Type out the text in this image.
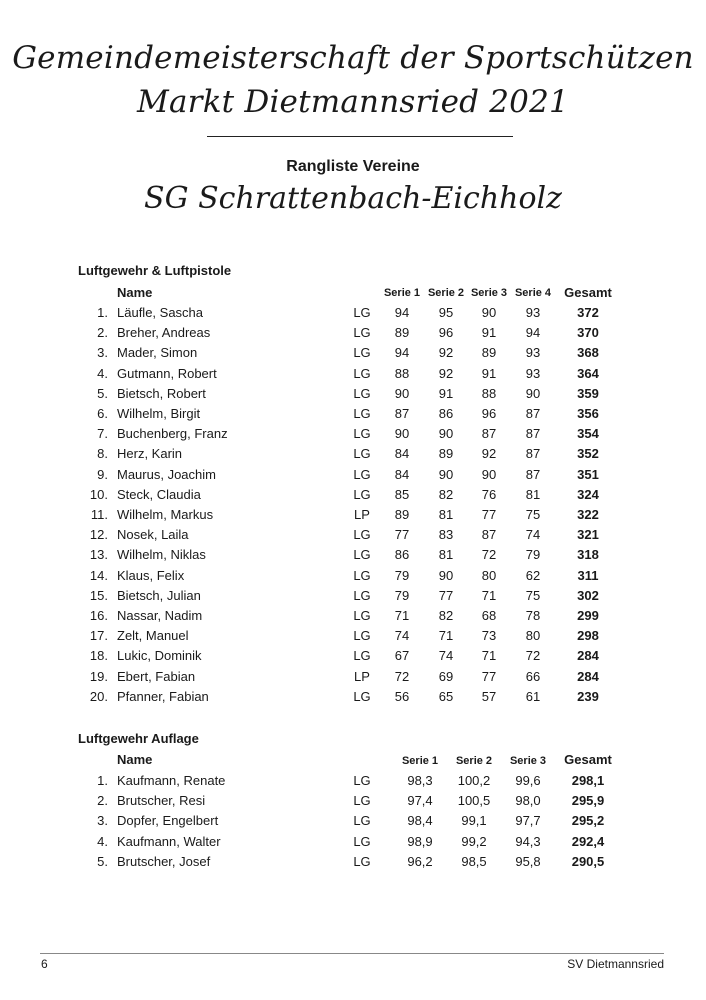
Gemeindemeisterschaft der Sportschützen
Markt Dietmannsried 2021
Rangliste Vereine
SG Schrattenbach-Eichholz
Luftgewehr & Luftpistole
Name	Serie 1 Serie 2 Serie 3 Serie 4	Gesamt
1. Läufle, Sascha	LG	94	95	90	93	372
2. Breher, Andreas	LG	89	96	91	94	370
3. Mader, Simon	LG	94	92	89	93	368
4. Gutmann, Robert	LG	88	92	91	93	364
5. Bietsch, Robert	LG	90	91	88	90	359
6. Wilhelm, Birgit	LG	87	86	96	87	356
7. Buchenberg, Franz	LG	90	90	87	87	354
8. Herz, Karin	LG	84	89	92	87	352
9. Maurus, Joachim	LG	84	90	90	87	351
10. Steck, Claudia	LG	85	82	76	81	324
11. Wilhelm, Markus	LP	89	81	77	75	322
12. Nosek, Laila	LG	77	83	87	74	321
13. Wilhelm, Niklas	LG	86	81	72	79	318
14. Klaus, Felix	LG	79	90	80	62	311
15. Bietsch, Julian	LG	79	77	71	75	302
16. Nassar, Nadim	LG	71	82	68	78	299
17. Zelt, Manuel	LG	74	71	73	80	298
18. Lukic, Dominik	LG	67	74	71	72	284
19. Ebert, Fabian	LP	72	69	77	66	284
20. Pfanner, Fabian	LG	56	65	57	61	239
Luftgewehr Auflage
Name	Serie 1	Serie 2	Serie 3	Gesamt
1. Kaufmann, Renate	LG	98,3	100,2	99,6	298,1
2. Brutscher, Resi	LG	97,4	100,5	98,0	295,9
3. Dopfer, Engelbert	LG	98,4	99,1	97,7	295,2
4. Kaufmann, Walter	LG	98,9	99,2	94,3	292,4
5. Brutscher, Josef	LG	96,2	98,5	95,8	290,5
6	SV Dietmannsried
